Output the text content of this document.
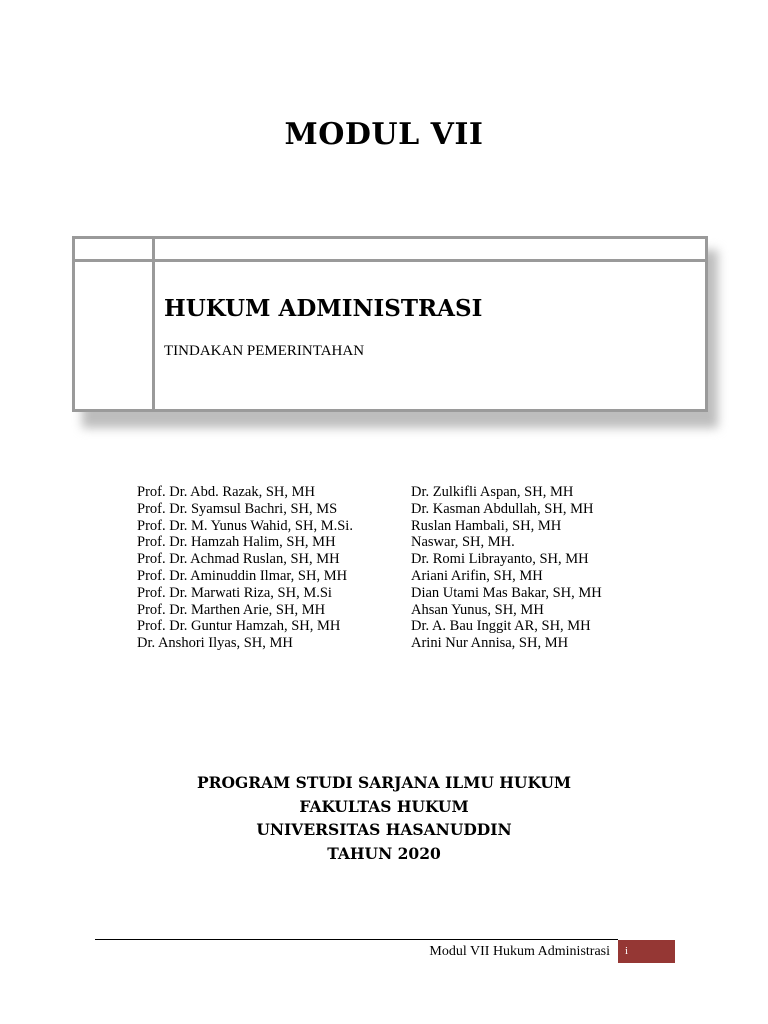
MODUL VII
HUKUM ADMINISTRASI
TINDAKAN PEMERINTAHAN
Prof. Dr. Abd. Razak, SH, MH
Prof. Dr. Syamsul Bachri, SH, MS
Prof. Dr. M. Yunus Wahid, SH, M.Si.
Prof. Dr. Hamzah Halim, SH, MH
Prof. Dr. Achmad Ruslan, SH, MH
Prof. Dr. Aminuddin Ilmar, SH, MH
Prof. Dr. Marwati Riza, SH, M.Si
Prof. Dr. Marthen Arie, SH, MH
Prof. Dr. Guntur Hamzah, SH, MH
Dr. Anshori Ilyas, SH, MH
Dr. Zulkifli Aspan, SH, MH
Dr. Kasman Abdullah, SH, MH
Ruslan Hambali, SH, MH
Naswar, SH, MH.
Dr. Romi Librayanto, SH, MH
Ariani Arifin, SH, MH
Dian Utami Mas Bakar, SH, MH
Ahsan Yunus, SH, MH
Dr. A. Bau Inggit AR, SH, MH
Arini Nur Annisa, SH, MH
PROGRAM STUDI SARJANA ILMU HUKUM
FAKULTAS HUKUM
UNIVERSITAS HASANUDDIN
TAHUN 2020
Modul VII Hukum Administrasi	i
